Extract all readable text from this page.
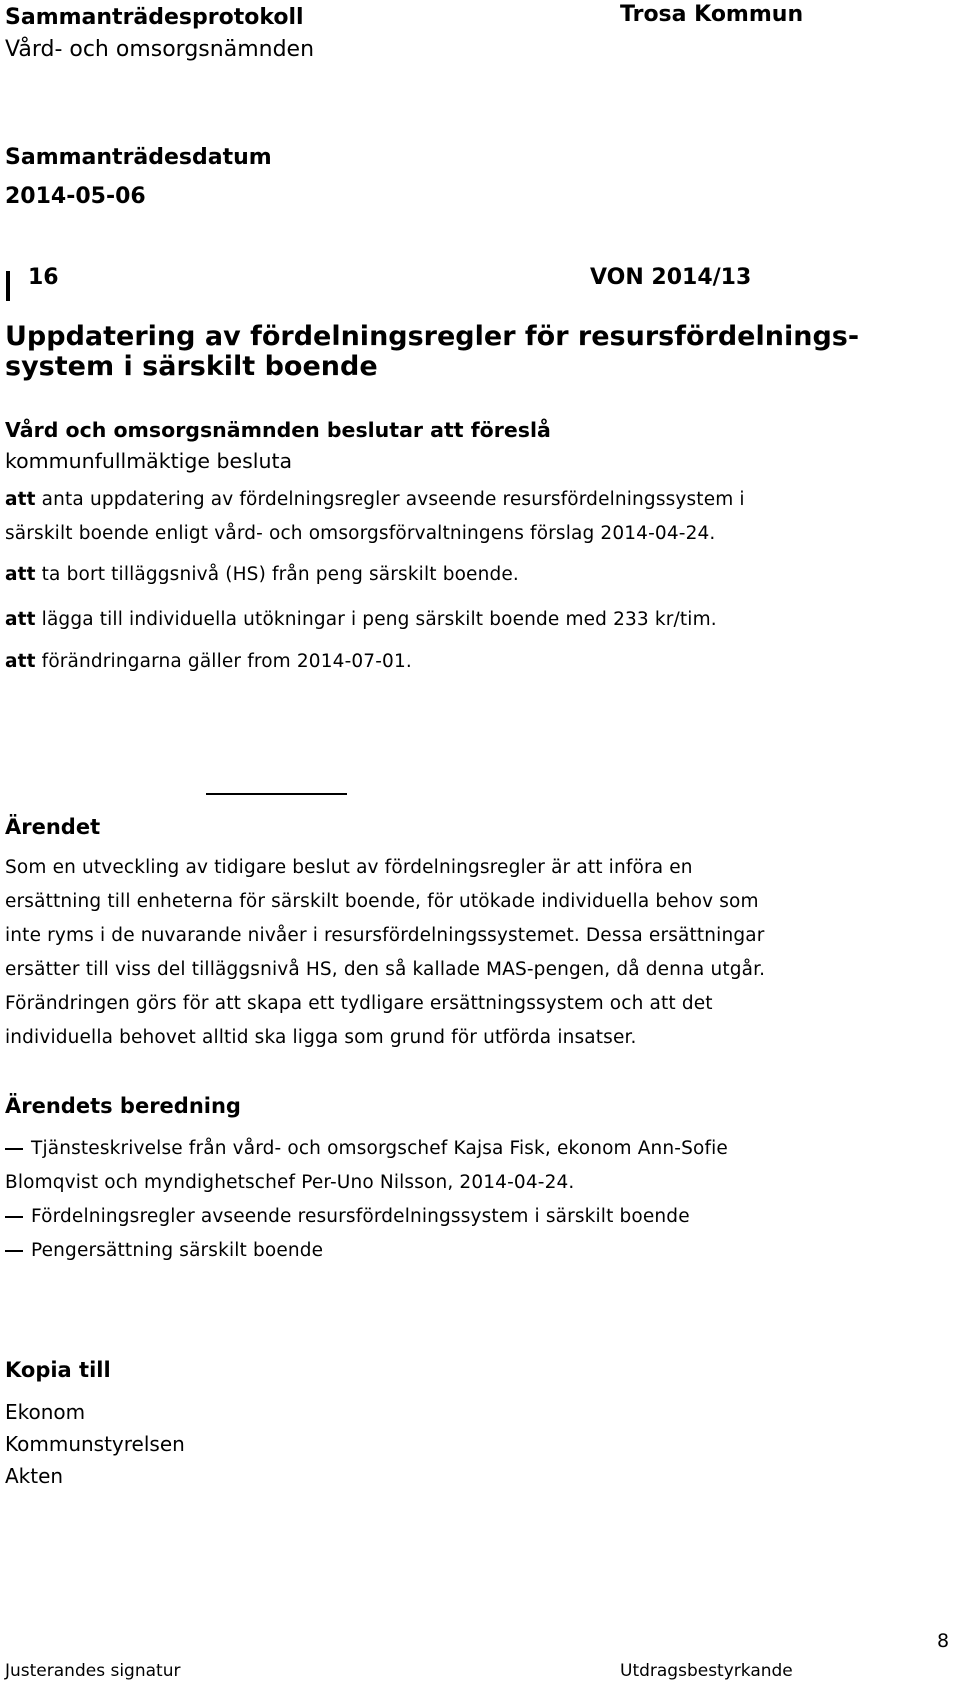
Sammanträdesprotokoll
Vård- och omsorgsnämnden
Trosa Kommun
Sammanträdesdatum
2014-05-06
16	VON 2014/13
Uppdatering av fördelningsregler för resursfördelnings-
system i särskilt boende
Vård och omsorgsnämnden beslutar att föreslå
kommunfullmäktige besluta
att anta uppdatering av fördelningsregler avseende resursfördelningssystem i
särskilt boende enligt vård- och omsorgsförvaltningens förslag 2014-04-24.
att ta bort tilläggsnivå (HS) från peng särskilt boende.
att lägga till individuella utökningar i peng särskilt boende med 233 kr/tim.
att förändringarna gäller from 2014-07-01.
Ärendet
Som en utveckling av tidigare beslut av fördelningsregler är att införa en
ersättning till enheterna för särskilt boende, för utökade individuella behov som
inte ryms i de nuvarande nivåer i resursfördelningssystemet. Dessa ersättningar
ersätter till viss del tilläggsnivå HS, den så kallade MAS-pengen, då denna utgår.
Förändringen görs för att skapa ett tydligare ersättningssystem och att det
individuella behovet alltid ska ligga som grund för utförda insatser.
Ärendets beredning
Tjänsteskrivelse från vård- och omsorgschef Kajsa Fisk, ekonom Ann-Sofie
Blomqvist och myndighetschef Per-Uno Nilsson, 2014-04-24.
Fördelningsregler avseende resursfördelningssystem i särskilt boende
Pengersättning särskilt boende
Kopia till
Ekonom
Kommunstyrelsen
Akten
Justerandes signatur	Utdragsbestyrkande
8
